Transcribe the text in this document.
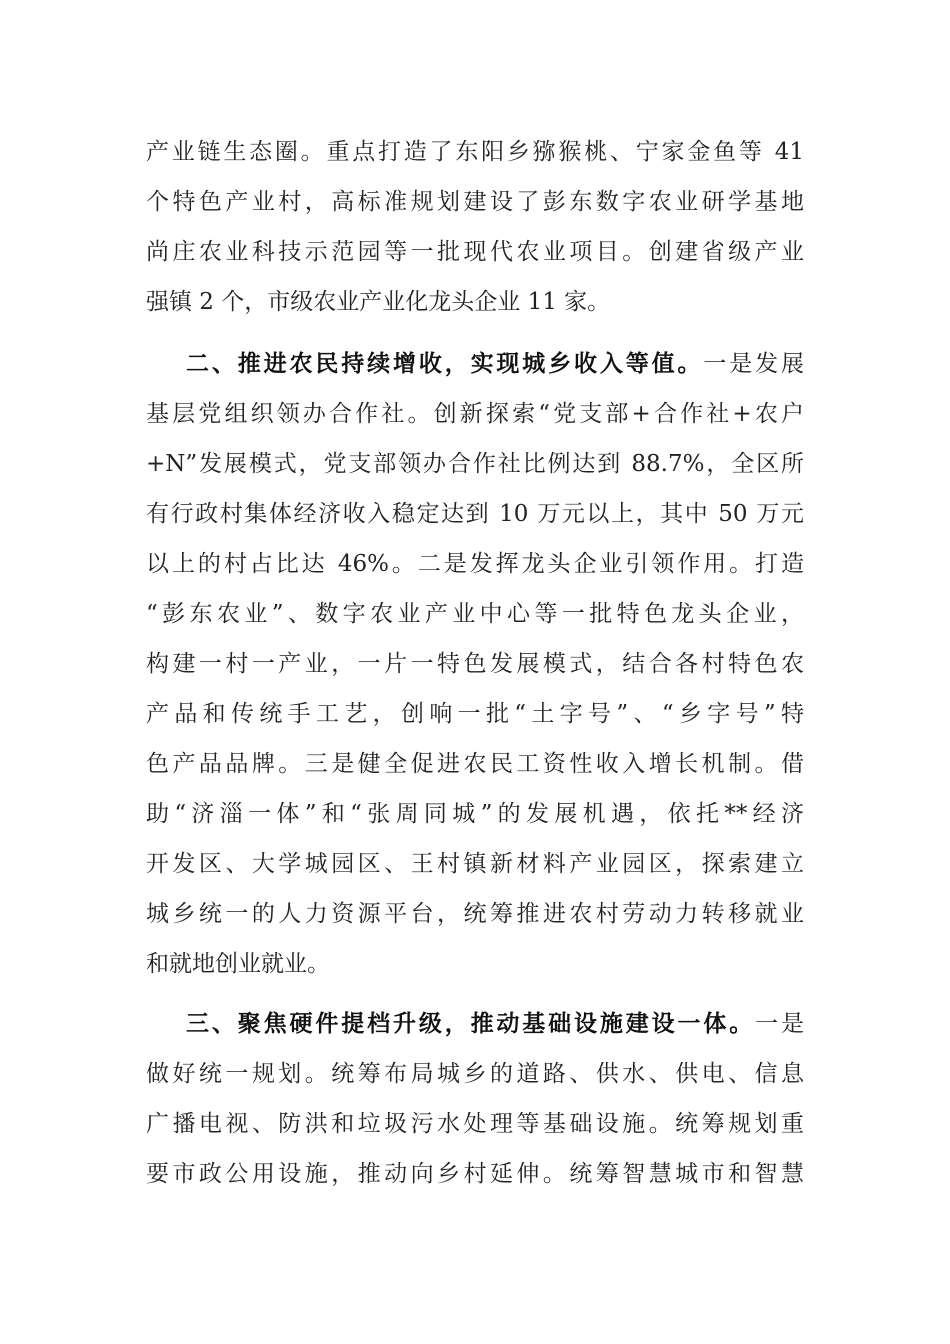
产业链生态圈。重点打造了东阳乡猕猴桃、宁家金鱼等 41
个特色产业村，高标准规划建设了彭东数字农业研学基地
尚庄农业科技示范园等一批现代农业项目。创建省级产业
强镇 2 个，市级农业产业化龙头企业 11 家。
二、推进农民持续增收，实现城乡收入等值。一是发展
基层党组织领办合作社。创新探索“党支部+合作社+农户
+N”发展模式，党支部领办合作社比例达到 88.7%，全区所
有行政村集体经济收入稳定达到 10 万元以上，其中 50 万元
以上的村占比达 46%。二是发挥龙头企业引领作用。打造
“彭东农业”、数字农业产业中心等一批特色龙头企业，
构建一村一产业，一片一特色发展模式，结合各村特色农
产品和传统手工艺，创响一批“土字号”、“乡字号”特
色产品品牌。三是健全促进农民工资性收入增长机制。借
助“济淄一体”和“张周同城”的发展机遇，依托**经济
开发区、大学城园区、王村镇新材料产业园区，探索建立
城乡统一的人力资源平台，统筹推进农村劳动力转移就业
和就地创业就业。
三、聚焦硬件提档升级，推动基础设施建设一体。一是
做好统一规划。统筹布局城乡的道路、供水、供电、信息
广播电视、防洪和垃圾污水处理等基础设施。统筹规划重
要市政公用设施，推动向乡村延伸。统筹智慧城市和智慧
